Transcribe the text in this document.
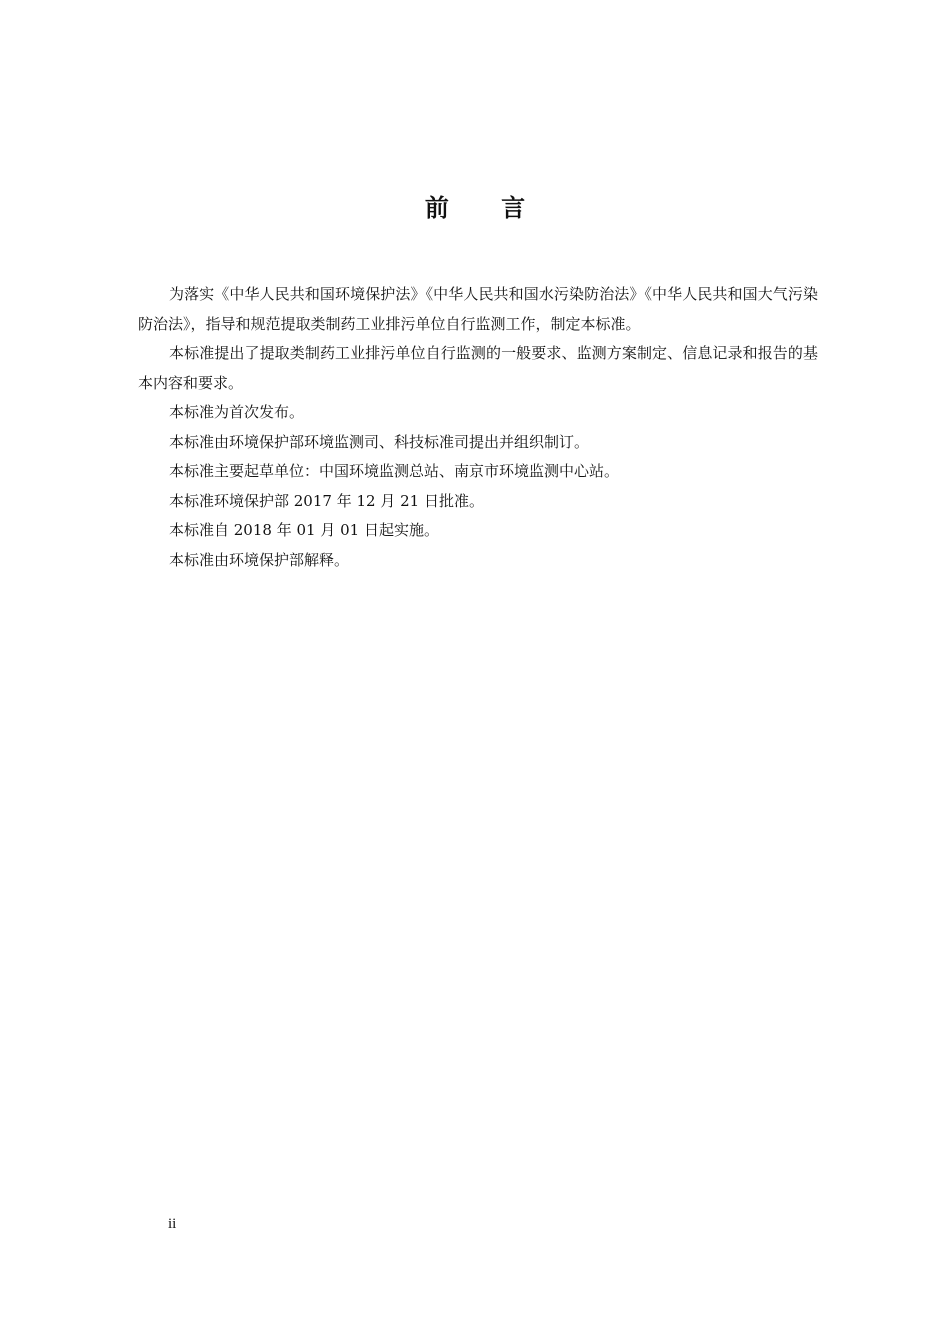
前 言

为落实《中华人民共和国环境保护法》《中华人民共和国水污染防治法》《中华人民共和国大气污染防治法》，指导和规范提取类制药工业排污单位自行监测工作，制定本标准。

本标准提出了提取类制药工业排污单位自行监测的一般要求、监测方案制定、信息记录和报告的基本内容和要求。

本标准为首次发布。

本标准由环境保护部环境监测司、科技标准司提出并组织制订。

本标准主要起草单位：中国环境监测总站、南京市环境监测中心站。

本标准环境保护部 2017 年 12 月 21 日批准。

本标准自 2018 年 01 月 01 日起实施。

本标准由环境保护部解释。

ii
